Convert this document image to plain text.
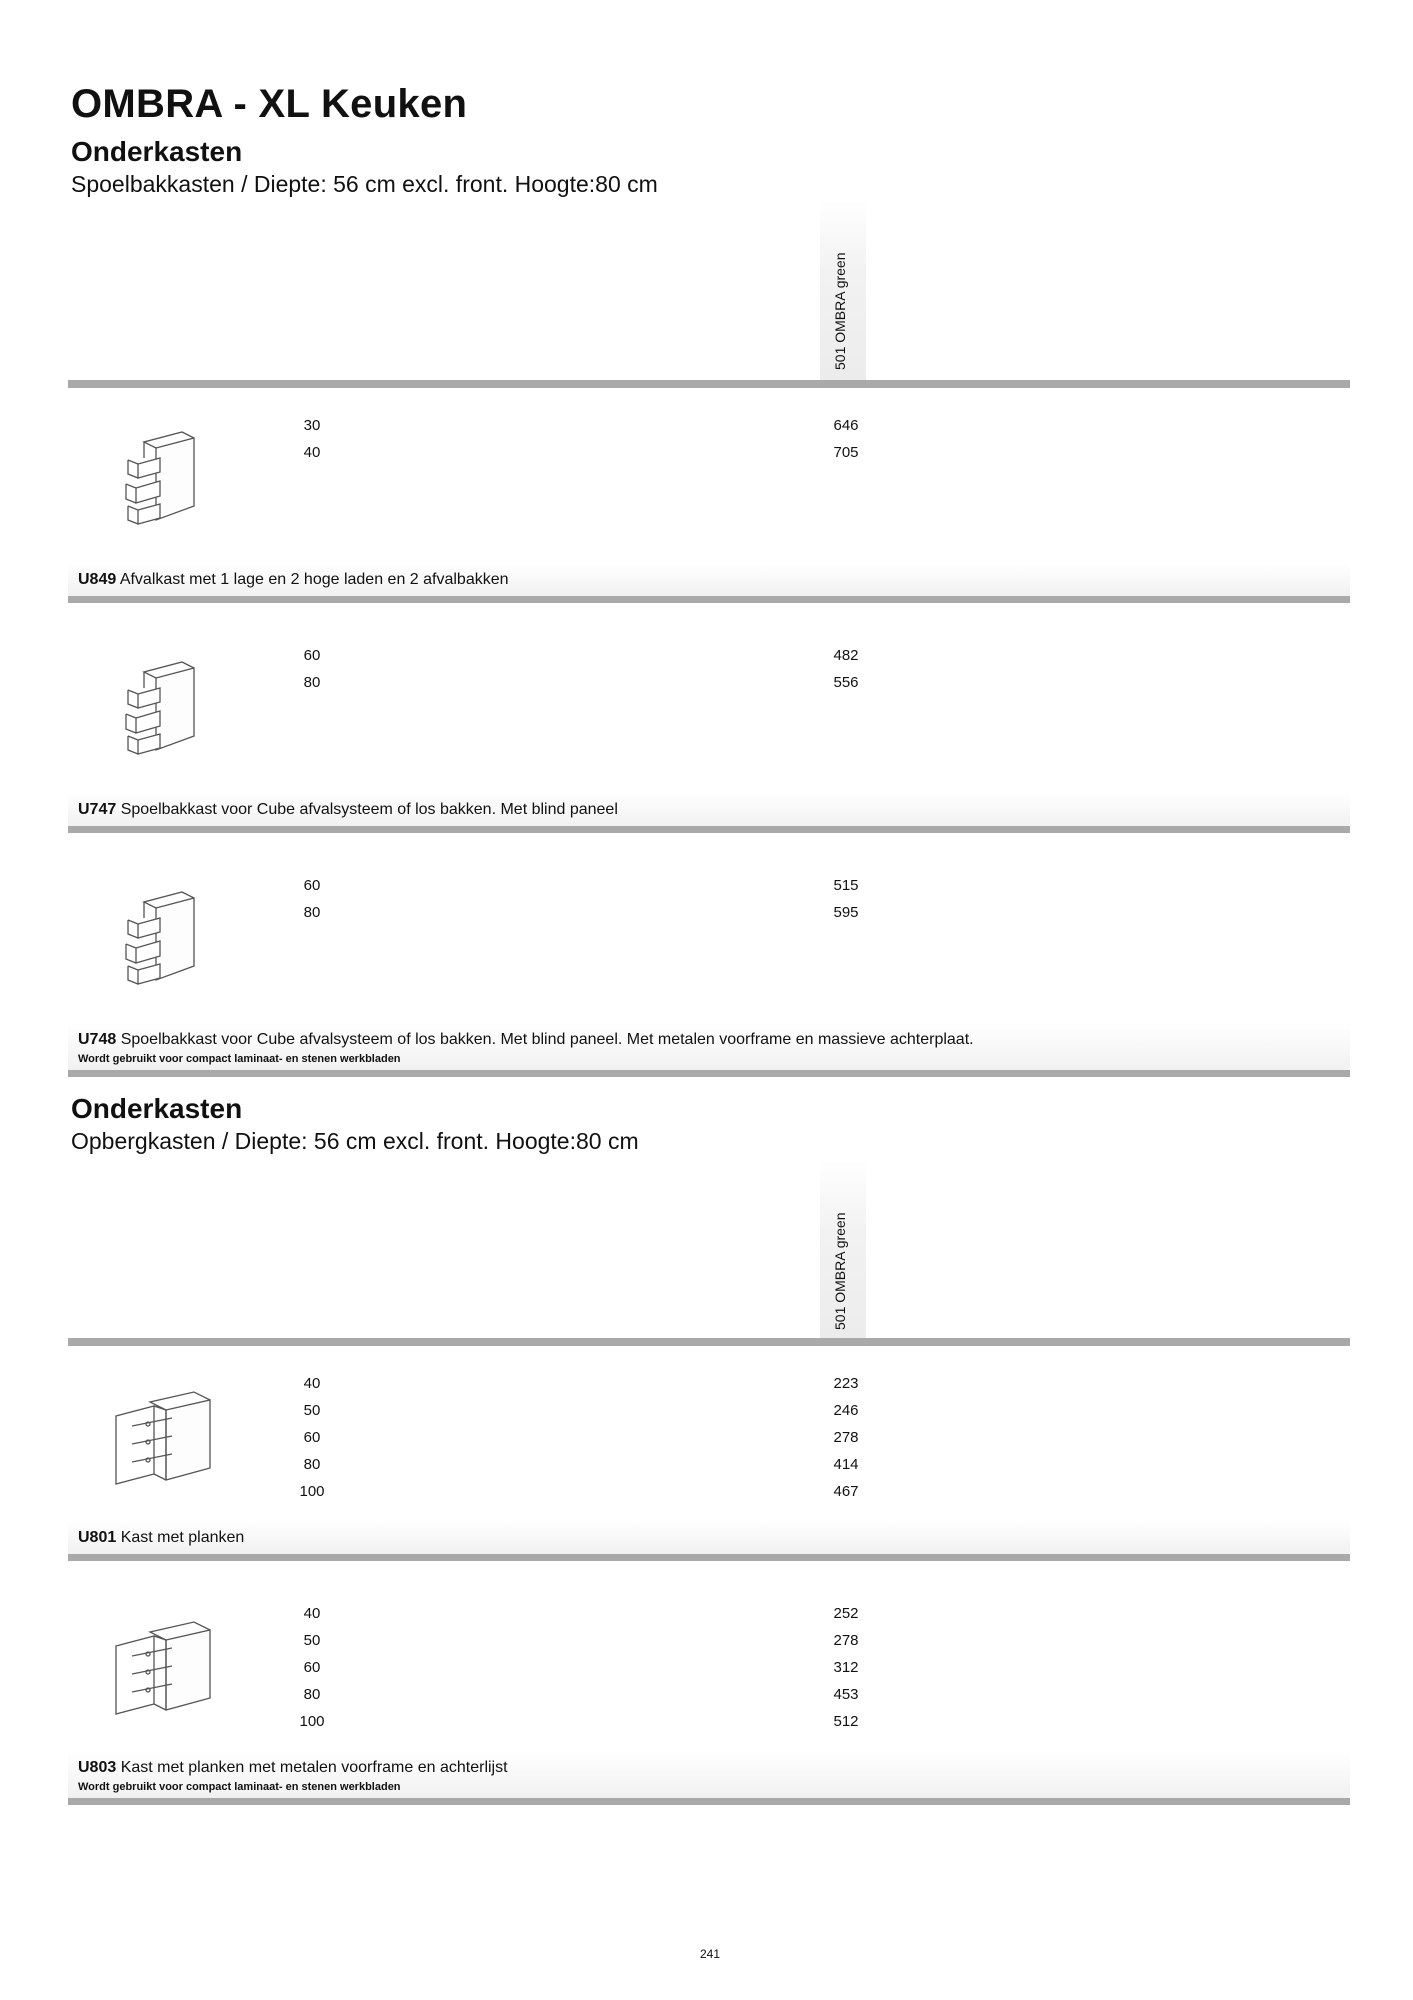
OMBRA - XL Keuken
Onderkasten
Spoelbakkasten / Diepte: 56 cm excl. front. Hoogte:80 cm
501 OMBRA green
30
40
646
705
U849 Afvalkast met 1 lage en 2 hoge laden en 2 afvalbakken
60
80
482
556
U747 Spoelbakkast voor Cube afvalsysteem of los bakken. Met blind paneel
60
80
515
595
U748 Spoelbakkast voor Cube afvalsysteem of los bakken. Met blind paneel. Met metalen voorframe en massieve achterplaat.
Wordt gebruikt voor compact laminaat- en stenen werkbladen
Onderkasten
Opbergkasten / Diepte: 56 cm excl. front. Hoogte:80 cm
501 OMBRA green
40
50
60
80
100
223
246
278
414
467
U801 Kast met planken
40
50
60
80
100
252
278
312
453
512
U803 Kast met planken met metalen voorframe en achterlijst
Wordt gebruikt voor compact laminaat- en stenen werkbladen
241
